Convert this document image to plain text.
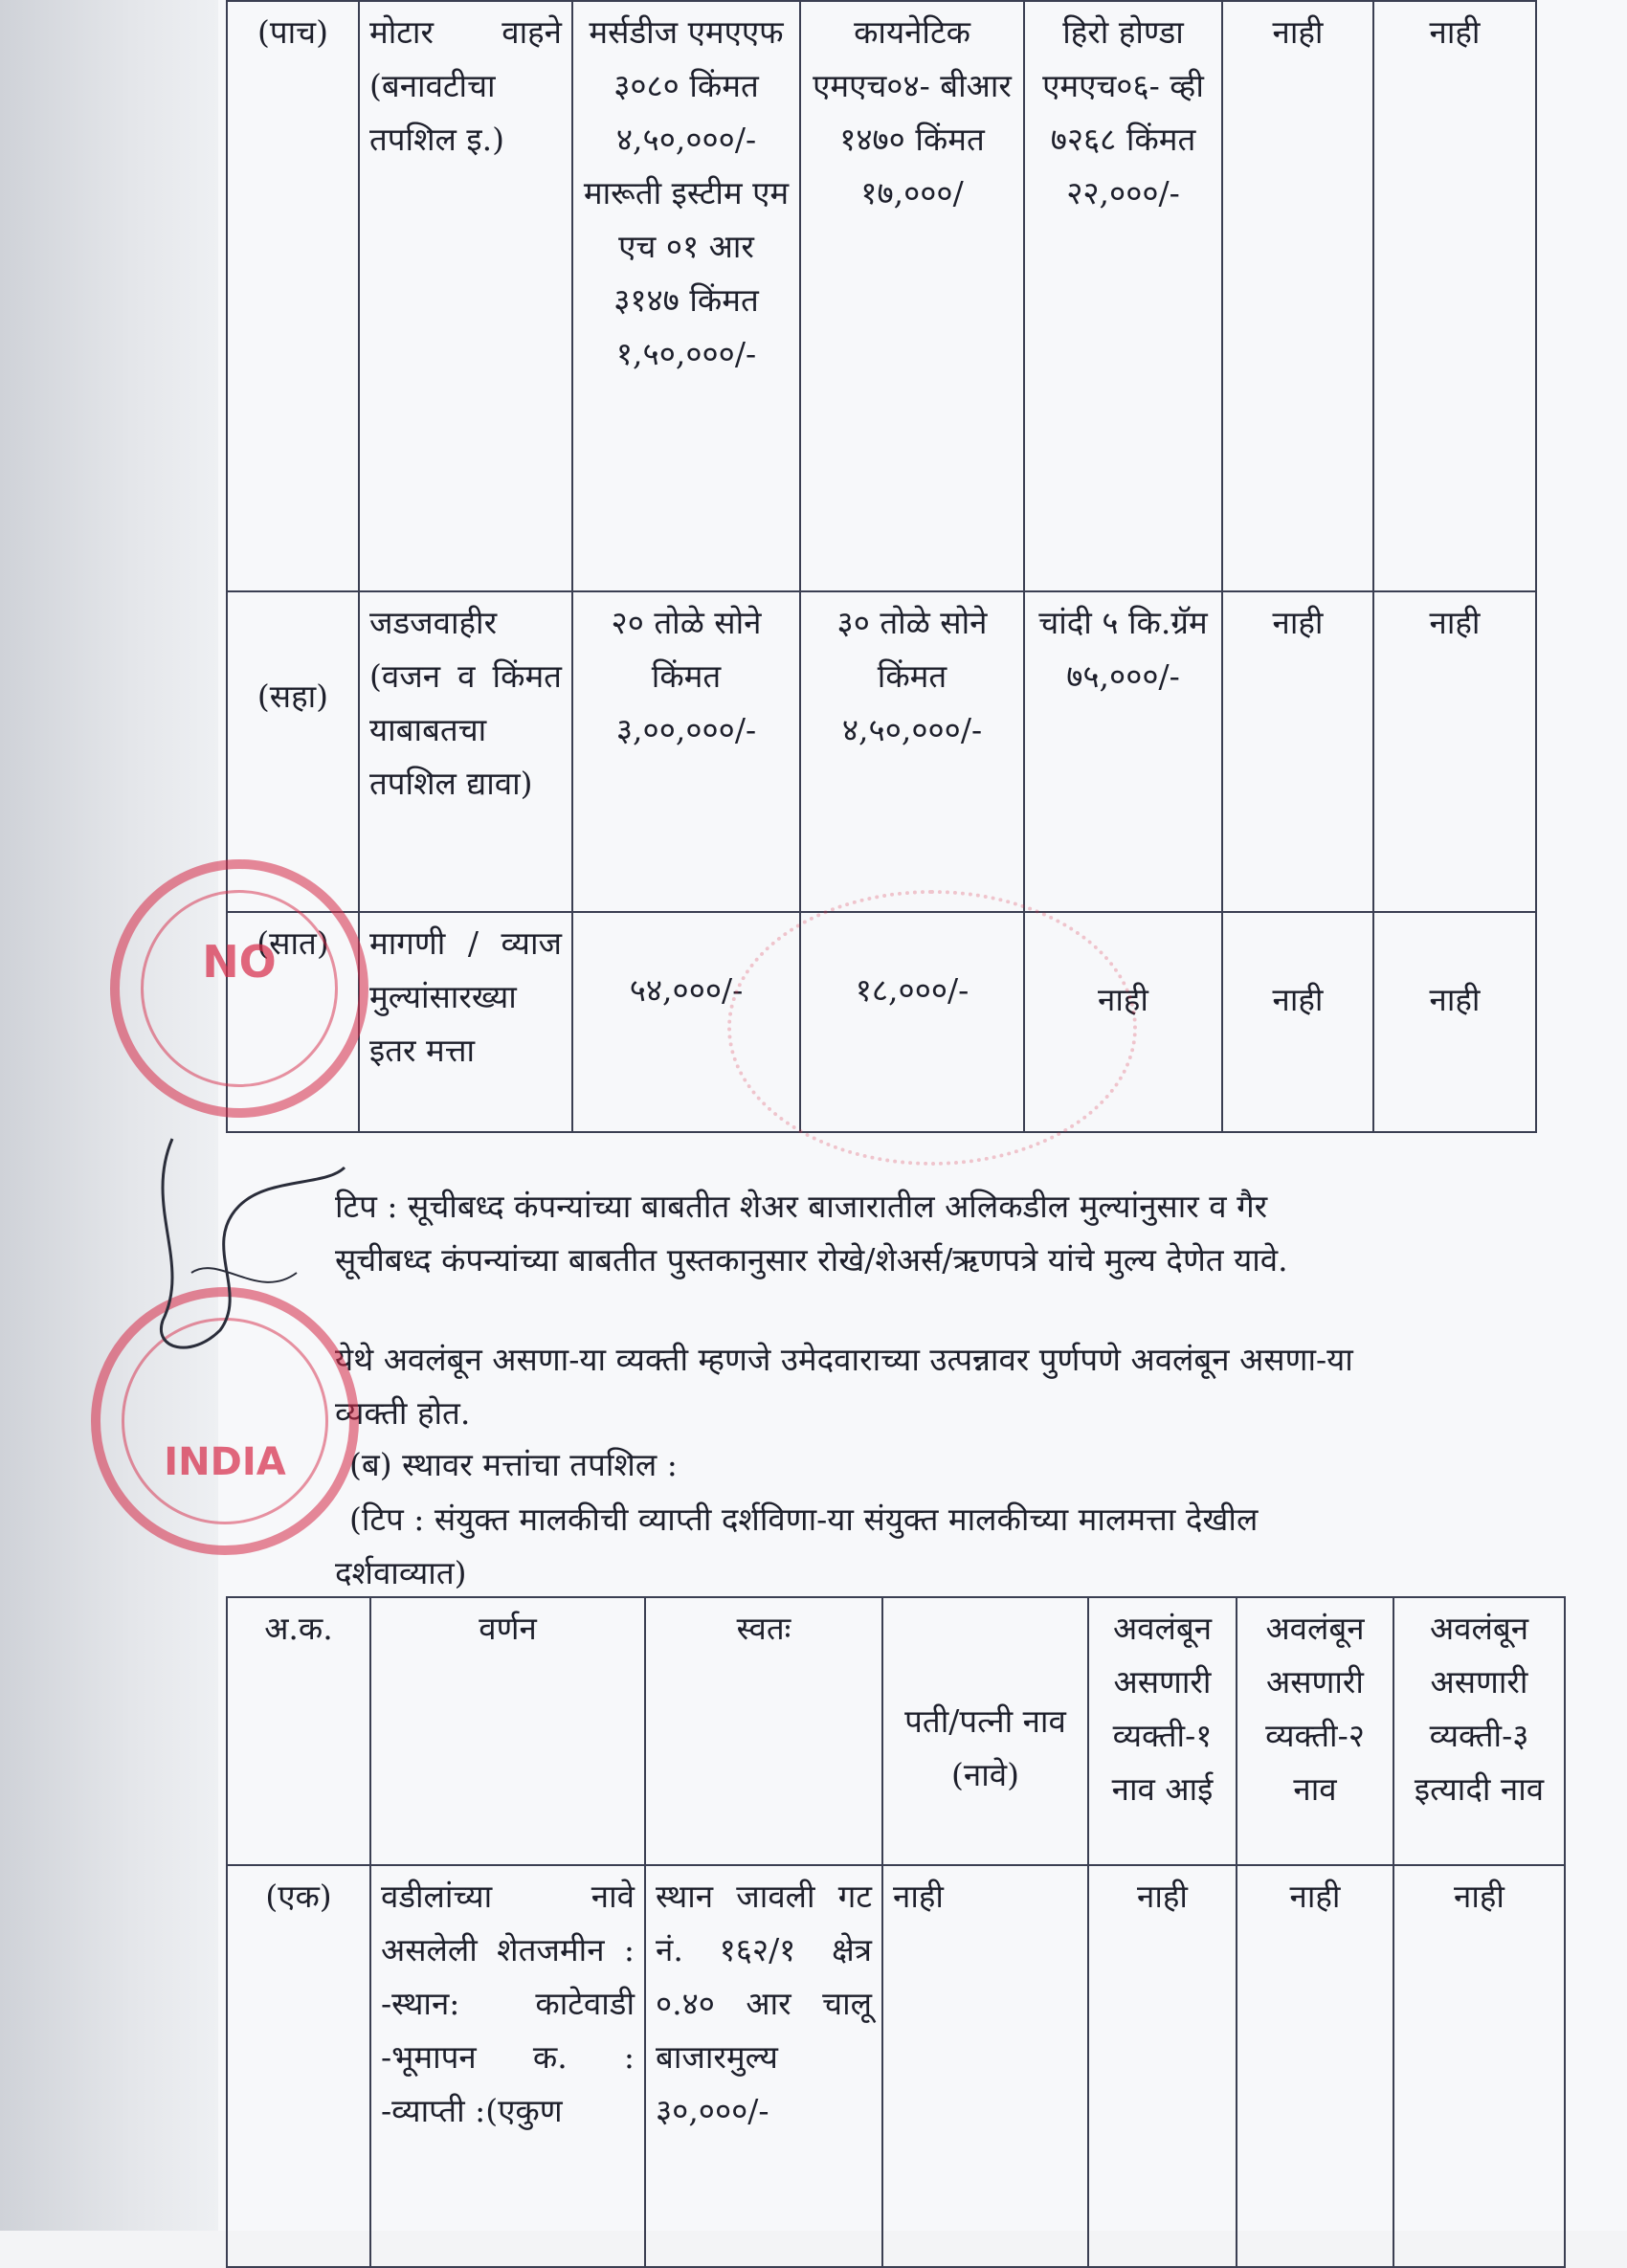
(पाच)	मोटार वाहने (बनावटीचा तपशिल इ.)	मर्सडीज एमएएफ ३०८० किंमत ४,५०,०००/- मारूती इस्टीम एम एच ०१ आर ३१४७ किंमत १,५०,०००/-	कायनेटिक एमएच०४- बीआर १४७० किंमत १७,०००/	हिरो होण्डा एमएच०६- व्ही ७२६८ किंमत २२,०००/-	नाही	नाही
(सहा)	जडजवाहीर (वजन व किंमत याबाबतचा तपशिल द्यावा)	२० तोळे सोने किंमत ३,००,०००/-	३० तोळे सोने किंमत ४,५०,०००/-	चांदी ५ कि.ग्रॅम ७५,०००/-	नाही	नाही
(सात)	मागणी / व्याज मुल्यांसारख्या इतर मत्ता	५४,०००/-	१८,०००/-	नाही	नाही	नाही
टिप : सूचीबध्द कंपन्यांच्या बाबतीत शेअर बाजारातील अलिकडील मुल्यांनुसार व गैर
सूचीबध्द कंपन्यांच्या बाबतीत पुस्तकानुसार रोखे/शेअर्स/ऋणपत्रे यांचे मुल्य देणेत यावे.
येथे अवलंबून असणा-या व्यक्ती म्हणजे उमेदवाराच्या उत्पन्नावर पुर्णपणे अवलंबून असणा-या
व्यक्ती होत.
(ब) स्थावर मत्तांचा तपशिल :
(टिप : संयुक्त मालकीची व्याप्ती दर्शविणा-या संयुक्त मालकीच्या मालमत्ता देखील
दर्शवाव्यात)
अ.क.	वर्णन	स्वतः	पती/पत्नी नाव (नावे)	अवलंबून असणारी व्यक्ती-१ नाव आई	अवलंबून असणारी व्यक्ती-२ नाव	अवलंबून असणारी व्यक्ती-३ इत्यादी नाव
(एक)	वडीलांच्या नावे असलेली शेतजमीन : -स्थान: काटेवाडी -भूमापन क. : -व्याप्ती :(एकुण	स्थान जावली गट नं. १६२/१ क्षेत्र ०.४० आर चालू बाजारमुल्य ३०,०००/-	नाही	नाही	नाही	नाही
NO
INDIA
